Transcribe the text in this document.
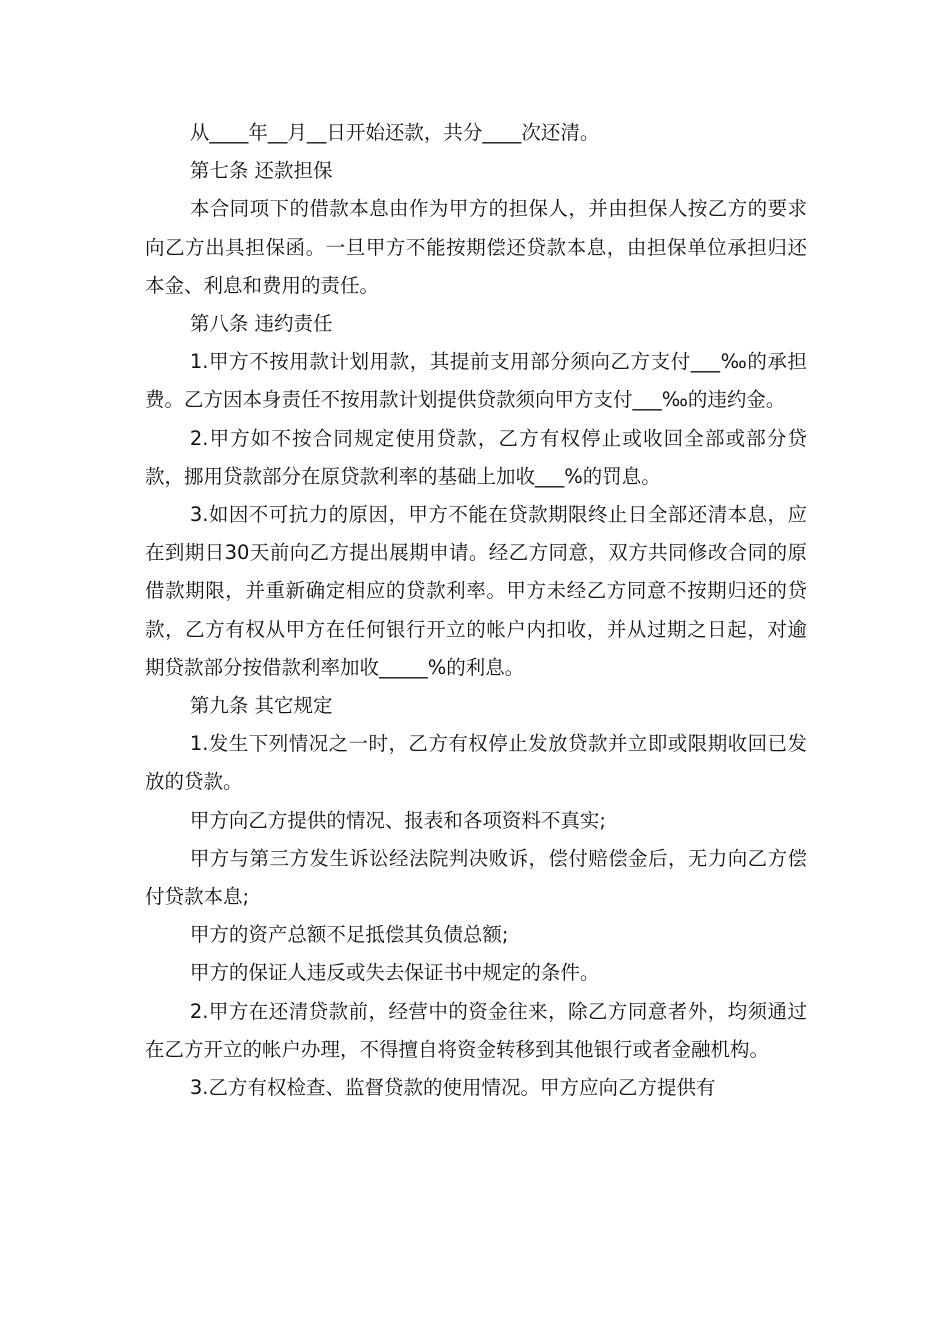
从____年__月__日开始还款，共分____次还清。

第七条 还款担保

本合同项下的借款本息由作为甲方的担保人，并由担保人按乙方的要求向乙方出具担保函。一旦甲方不能按期偿还贷款本息，由担保单位承担归还本金、利息和费用的责任。

第八条 违约责任

1.甲方不按用款计划用款，其提前支用部分须向乙方支付___‰的承担费。乙方因本身责任不按用款计划提供贷款须向甲方支付___‰的违约金。

2.甲方如不按合同规定使用贷款，乙方有权停止或收回全部或部分贷款，挪用贷款部分在原贷款利率的基础上加收___%的罚息。

3.如因不可抗力的原因，甲方不能在贷款期限终止日全部还清本息，应在到期日30天前向乙方提出展期申请。经乙方同意，双方共同修改合同的原借款期限，并重新确定相应的贷款利率。甲方未经乙方同意不按期归还的贷款，乙方有权从甲方在任何银行开立的帐户内扣收，并从过期之日起，对逾期贷款部分按借款利率加收_____%的利息。

第九条 其它规定

1.发生下列情况之一时，乙方有权停止发放贷款并立即或限期收回已发放的贷款。

甲方向乙方提供的情况、报表和各项资料不真实;

甲方与第三方发生诉讼经法院判决败诉，偿付赔偿金后，无力向乙方偿付贷款本息;

甲方的资产总额不足抵偿其负债总额;

甲方的保证人违反或失去保证书中规定的条件。

2.甲方在还清贷款前，经营中的资金往来，除乙方同意者外，均须通过在乙方开立的帐户办理，不得擅自将资金转移到其他银行或者金融机构。

3.乙方有权检查、监督贷款的使用情况。甲方应向乙方提供有
